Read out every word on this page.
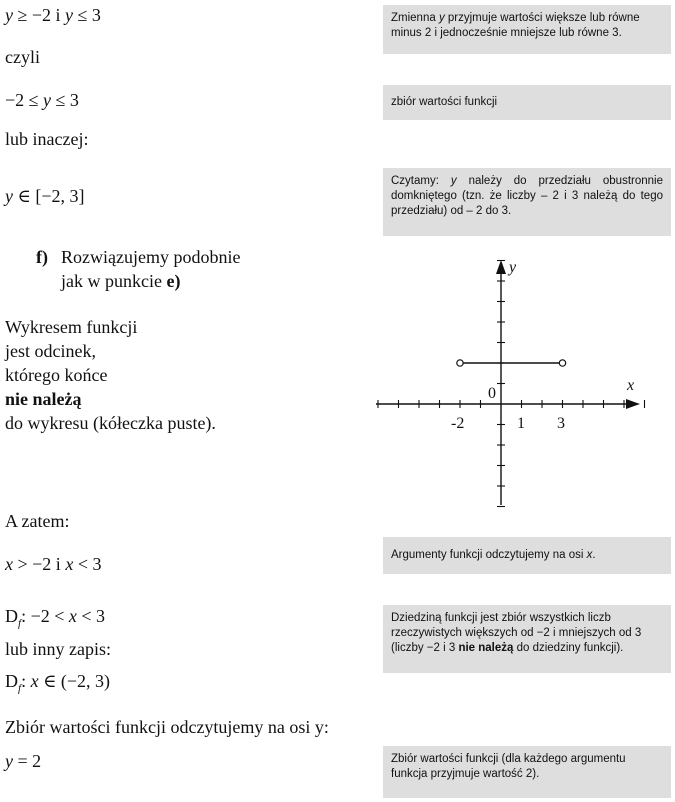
y ≥ −2 i y ≤ 3
czyli
−2 ≤ y ≤ 3
lub inaczej:
y ∈ [−2, 3]
f) Rozwiązujemy podobnie
jak w punkcie e)
Wykresem funkcji
jest odcinek,
którego końce
nie należą
do wykresu (kółeczka puste).
A zatem:
x > −2 i x < 3
$D_f$: −2 < x < 3
lub inny zapis:
$D_f$: x ∈ (−2, 3)
Zbiór wartości funkcji odczytujemy na osi y:
y = 2
Zmienna y przyjmuje wartości większe lub równe minus 2 i jednocześnie mniejsze lub równe 3.
zbiór wartości funkcji
Czytamy: y należy do przedziału obustronnie domkniętego (tzn. że liczby – 2 i 3 należą do tego przedziału) od – 2 do 3.
Argumenty funkcji odczytujemy na osi x.
Dziedziną funkcji jest zbiór wszystkich liczb rzeczywistych większych od −2 i mniejszych od 3 (liczby −2 i 3 nie należą do dziedziny funkcji).
Zbiór wartości funkcji (dla każdego argumentu funkcja przyjmuje wartość 2).
x
y
0
-2	1 3
